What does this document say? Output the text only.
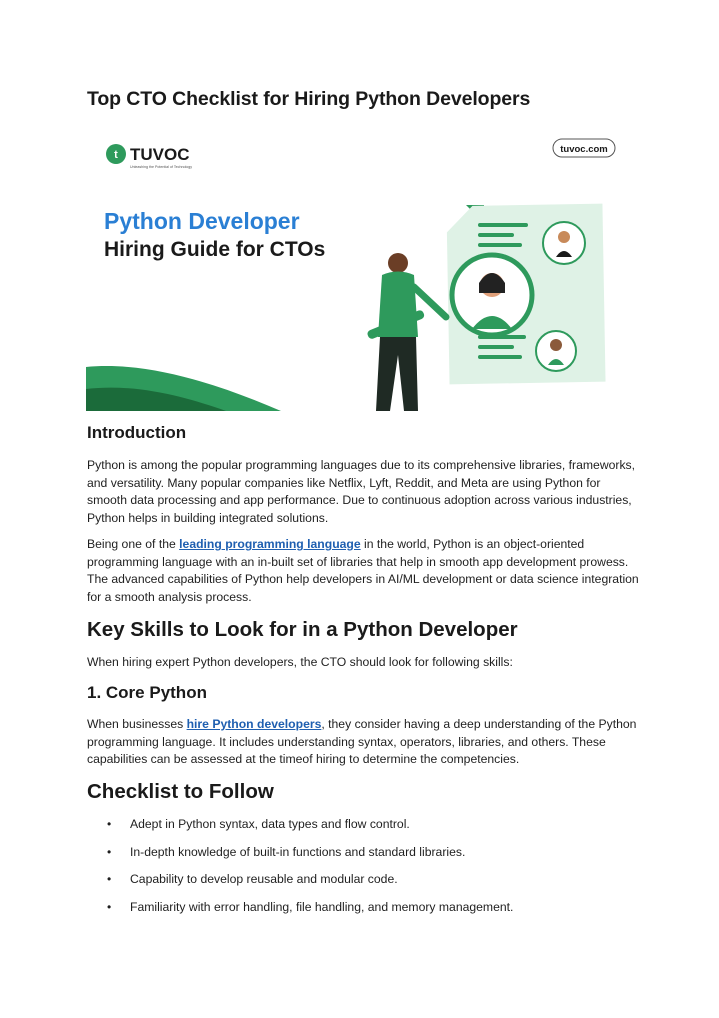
Top CTO Checklist for Hiring Python Developers
t TUVOC
Unleashing the Potential of Technology
tuvoc.com
Python Developer
Hiring Guide for CTOs
Introduction

Python is among the popular programming languages due to its comprehensive libraries, frameworks, and versatility. Many popular companies like Netflix, Lyft, Reddit, and Meta are using Python for smooth data processing and app performance. Due to continuous adoption across various industries, Python helps in building integrated solutions.

Being one of the leading programming language in the world, Python is an object-oriented programming language with an in-built set of libraries that help in smooth app development prowess. The advanced capabilities of Python help developers in AI/ML development or data science integration for a smooth analysis process.

Key Skills to Look for in a Python Developer

When hiring expert Python developers, the CTO should look for following skills:

1. Core Python

When businesses hire Python developers, they consider having a deep understanding of the Python programming language. It includes understanding syntax, operators, libraries, and others. These capabilities can be assessed at the timeof hiring to determine the competencies.

Checklist to Follow
• Adept in Python syntax, data types and flow control.
• In-depth knowledge of built-in functions and standard libraries.
• Capability to develop reusable and modular code.
• Familiarity with error handling, file handling, and memory management.
